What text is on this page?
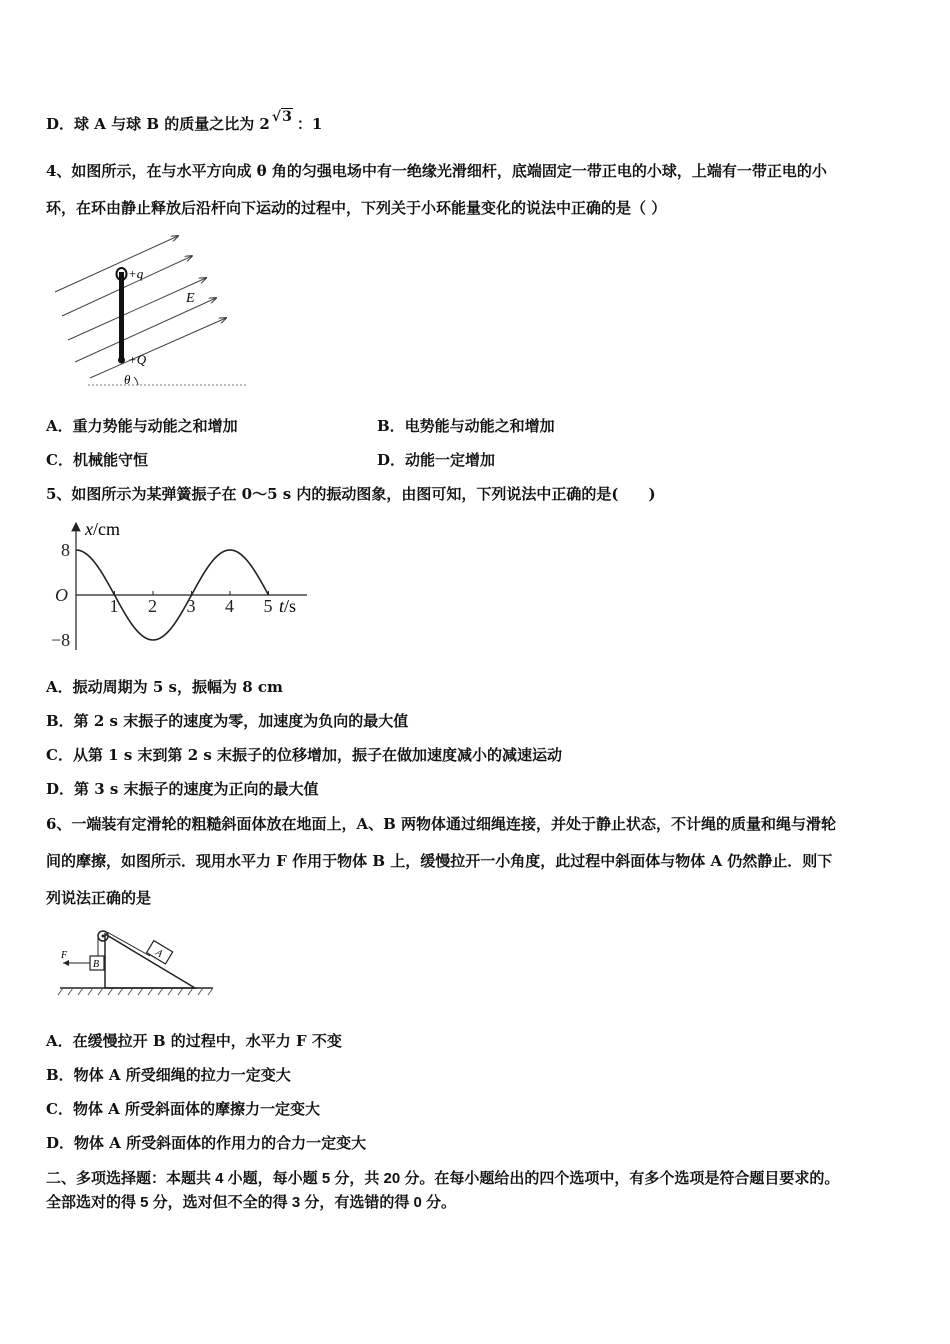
D．球 A 与球 B 的质量之比为 2 √3 ：1
4、如图所示，在与水平方向成 θ 角的匀强电场中有一绝缘光滑细杆，底端固定一带正电的小球，上端有一带正电的小
环，在环由静止释放后沿杆向下运动的过程中，下列关于小环能量变化的说法中正确的是（ ）
+q
+Q
E
θ
A．重力势能与动能之和增加	B．电势能与动能之和增加
C．机械能守恒	D．动能一定增加
5、如图所示为某弹簧振子在 0～5 s 内的振动图象，由图可知，下列说法中正确的是(　　)
x/cm
t/s
1 2 3 4 5
8
O
−8
A．振动周期为 5 s，振幅为 8 cm
B．第 2 s 末振子的速度为零，加速度为负向的最大值
C．从第 1 s 末到第 2 s 末振子的位移增加，振子在做加速度减小的减速运动
D．第 3 s 末振子的速度为正向的最大值
6、一端装有定滑轮的粗糙斜面体放在地面上，A、B 两物体通过细绳连接，并处于静止状态，不计绳的质量和绳与滑轮
间的摩擦，如图所示．现用水平力 F 作用于物体 B 上，缓慢拉开一小角度，此过程中斜面体与物体 A 仍然静止．则下
列说法正确的是
B
F	A
A．在缓慢拉开 B 的过程中，水平力 F 不变
B．物体 A 所受细绳的拉力一定变大
C．物体 A 所受斜面体的摩擦力一定变大
D．物体 A 所受斜面体的作用力的合力一定变大
二、多项选择题：本题共 4 小题，每小题 5 分，共 20 分。在每小题给出的四个选项中，有多个选项是符合题目要求的。
全部选对的得 5 分，选对但不全的得 3 分，有选错的得 0 分。
